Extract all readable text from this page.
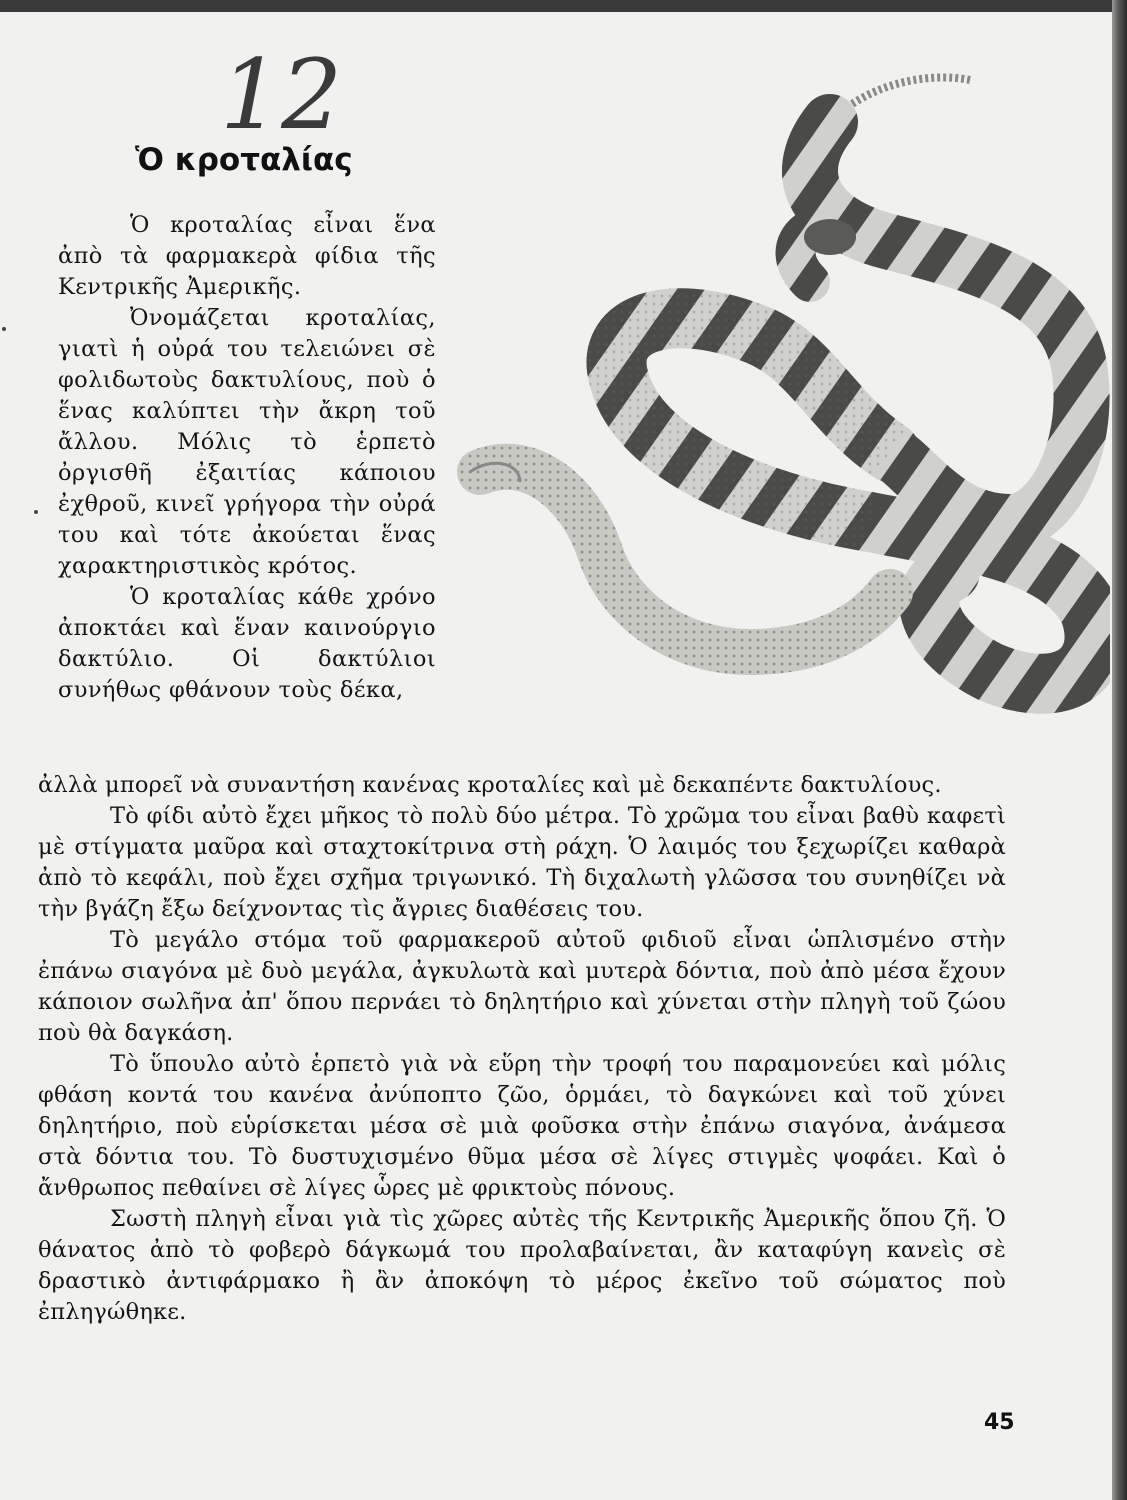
12
Ὁ κροταλίας

Ὁ κροταλίας εἶναι ἕνα ἀπὸ τὰ φαρμακερὰ φίδια τῆς Κεντρικῆς Ἀμερικῆς.

Ὀνομάζεται κροταλίας, γιατὶ ἡ οὐρά του τελειώνει σὲ φολιδωτοὺς δακτυλίους, ποὺ ὁ ἕνας καλύπτει τὴν ἄκρη τοῦ ἄλλου. Μόλις τὸ ἑρπετὸ ὀργισθῆ ἐξαιτίας κάποιου ἐχθροῦ, κινεῖ γρήγορα τὴν οὐρά του καὶ τότε ἀκούεται ἕνας χαρακτηριστικὸς κρότος.

Ὁ κροταλίας κάθε χρόνο ἀποκτάει καὶ ἕναν καινούργιο δακτύλιο. Οἱ δακτύλιοι συνήθως φθάνουν τοὺς δέκα,

ἀλλὰ μπορεῖ νὰ συναντήση κανένας κροταλίες καὶ μὲ δεκαπέντε δακτυλίους.

Τὸ φίδι αὐτὸ ἔχει μῆκος τὸ πολὺ δύο μέτρα. Τὸ χρῶμα του εἶναι βαθὺ καφετὶ μὲ στίγματα μαῦρα καὶ σταχτοκίτρινα στὴ ράχη. Ὁ λαιμός του ξεχωρίζει καθαρὰ ἀπὸ τὸ κεφάλι, ποὺ ἔχει σχῆμα τριγωνικό. Τὴ διχαλωτὴ γλῶσσα του συνηθίζει νὰ τὴν βγάζη ἔξω δείχνοντας τὶς ἄγριες διαθέσεις του.

Τὸ μεγάλο στόμα τοῦ φαρμακεροῦ αὐτοῦ φιδιοῦ εἶναι ὡπλισμένο στὴν ἐπάνω σιαγόνα μὲ δυὸ μεγάλα, ἀγκυλωτὰ καὶ μυτερὰ δόντια, ποὺ ἀπὸ μέσα ἔχουν κάποιον σωλῆνα ἀπ' ὅπου περνάει τὸ δηλητήριο καὶ χύνεται στὴν πληγὴ τοῦ ζώου ποὺ θὰ δαγκάση.

Τὸ ὕπουλο αὐτὸ ἑρπετὸ γιὰ νὰ εὕρη τὴν τροφή του παραμονεύει καὶ μόλις φθάση κοντά του κανένα ἀνύποπτο ζῶο, ὁρμάει, τὸ δαγκώνει καὶ τοῦ χύνει δηλητήριο, ποὺ εὑρίσκεται μέσα σὲ μιὰ φοῦσκα στὴν ἐπάνω σιαγόνα, ἀνάμεσα στὰ δόντια του. Τὸ δυστυχισμένο θῦμα μέσα σὲ λίγες στιγμὲς ψοφάει. Καὶ ὁ ἄνθρωπος πεθαίνει σὲ λίγες ὧρες μὲ φρικτοὺς πόνους.

Σωστὴ πληγὴ εἶναι γιὰ τὶς χῶρες αὐτὲς τῆς Κεντρικῆς Ἀμερικῆς ὅπου ζῆ. Ὁ θάνατος ἀπὸ τὸ φοβερὸ δάγκωμά του προλαβαίνεται, ἂν καταφύγη κανεὶς σὲ δραστικὸ ἀντιφάρμακο ἢ ἂν ἀποκόψη τὸ μέρος ἐκεῖνο τοῦ σώματος ποὺ ἐπληγώθηκε.

45
